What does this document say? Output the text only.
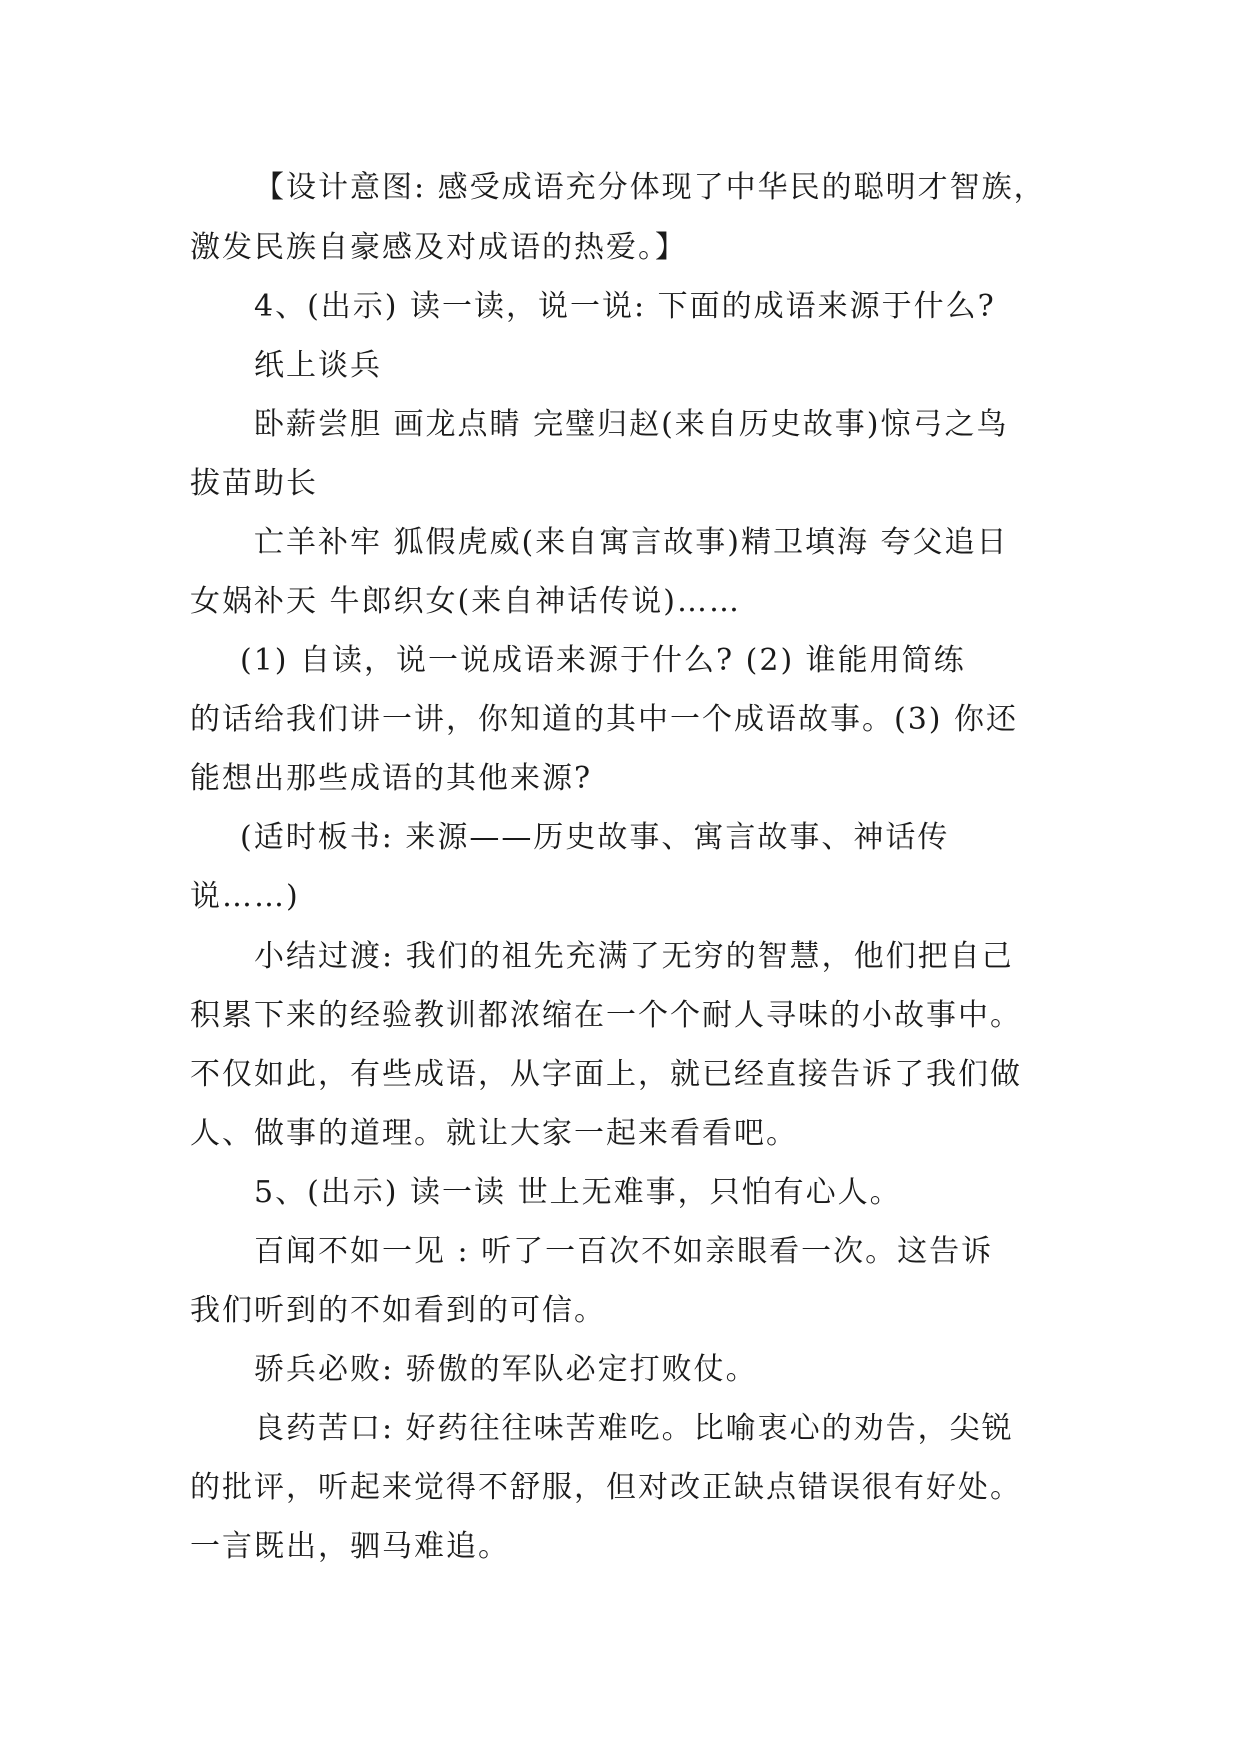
【设计意图: 感受成语充分体现了中华民的聪明才智族，
激发民族自豪感及对成语的热爱。】
4、(出示) 读一读，说一说: 下面的成语来源于什么?
纸上谈兵
卧薪尝胆 画龙点睛 完璧归赵(来自历史故事)惊弓之鸟
拔苗助长
亡羊补牢 狐假虎威(来自寓言故事)精卫填海 夸父追日
女娲补天 牛郎织女(来自神话传说)……
(1) 自读，说一说成语来源于什么? (2) 谁能用简练
的话给我们讲一讲，你知道的其中一个成语故事。(3) 你还
能想出那些成语的其他来源?
(适时板书: 来源——历史故事、寓言故事、神话传
说……)
小结过渡: 我们的祖先充满了无穷的智慧，他们把自己
积累下来的经验教训都浓缩在一个个耐人寻味的小故事中。
不仅如此，有些成语，从字面上，就已经直接告诉了我们做
人、做事的道理。就让大家一起来看看吧。
5、(出示) 读一读 世上无难事，只怕有心人。
百闻不如一见 : 听了一百次不如亲眼看一次。这告诉
我们听到的不如看到的可信。
骄兵必败: 骄傲的军队必定打败仗。
良药苦口: 好药往往味苦难吃。比喻衷心的劝告，尖锐
的批评，听起来觉得不舒服，但对改正缺点错误很有好处。
一言既出，驷马难追。
